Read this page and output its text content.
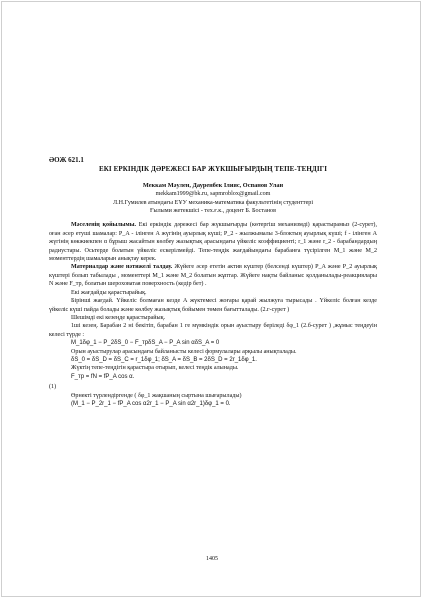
ӘОЖ 621.1
ЕКІ ЕРКІНДІК ДӘРЕЖЕСІ БАР ЖҮКШЫҒЫРДЫҢ ТЕПЕ-ТЕҢДІГІ
Меккам Мәулен, Дауренбек Ілияс, Оспанов Улан
mekkam1999@bk.ru, sapmroblox@gmail.com
Л.Н.Гумилев атындағы ЕҰУ механика-математика факультетінің студенттері
Ғылыми жетекшісі - тех.ғ.к., доцент Б. Бостанов

Мәселенің қойылымы. Екі еркіндік дәрежесі бар жүкшығырды (көтергіш механизмді) қарастырамыз (2-сурет), оған әсер етуші шамалар: P_A - ілінген A жүгінің ауырлық күші; P_2 - жылжымалы 3-блоктың ауырлық күші; f - ілінген A жүгінің көкжиекпен α бұрыш жасайтын көлбеу жазықтық арасындағы үйкеліс коэффициенті; r_1 және r_2 - барабандардың радиустары. Осьтерде болатын үйкеліс ескерілмейді. Тепе-теңдік жағдайындағы барабанға түсірілген M_1 және M_2 моменттердің шамаларын анықтау керек.

Материалдар және нәтижелі талдау. Жүйеге әсер ететін актив күштер (белсенді күштер) P_A және P_2 ауырлық күштері болып табылады , моменттері M_1 және M_2 болатын жұптар. Жүйеге нақты байланыс қолданылады-реакциялары N және F_тр, болатын шероховатая поверхность (кедір бет) .

Екі жағдайды қарастырайық.

Бірінші жағдай. Үйкеліс болмаған кезде A жүктемесі жоғары қарай жылжуға тырысады . Үйкеліс болған кезде үйкеліс күші пайда болады және көлбеу жазықтық бойымен төмен бағытталады. (2.г-сурет )

Шешімді екі кезеңде қарастырайық.

1ші кезең. Барабан 2 ні бекітіп, барабан 1 ге мүмкіндік орын ауыстыру беріледі δφ_1 (2.б-сурет ) ,жұмыс теңдеуін келесі түрде :

M_1δφ_1 − P_2δS_0 − F_трδS_A − P_A sin αδS_A = 0

Орын ауыстырулар арасындағы байланысты келесі формулалары арқылы анықталады.

δS_0 = δS_D = δS_C = r_1δφ_1; δS_A = δS_B = 2δS_D = 2r_1δφ_1.

Жүктің тепе-теңдігін қарастыра отырып, келесі теңдік алынады.

F_тр = fN = fP_A cos α.

(1)

Өрнекті түрлендіргенде ( δφ_1 жақшаның сыртына шығарылады)

(M_1 − P_2r_1 − fP_A cos α2r_1 − P_A sin α2r_1)δφ_1 = 0.

1405
